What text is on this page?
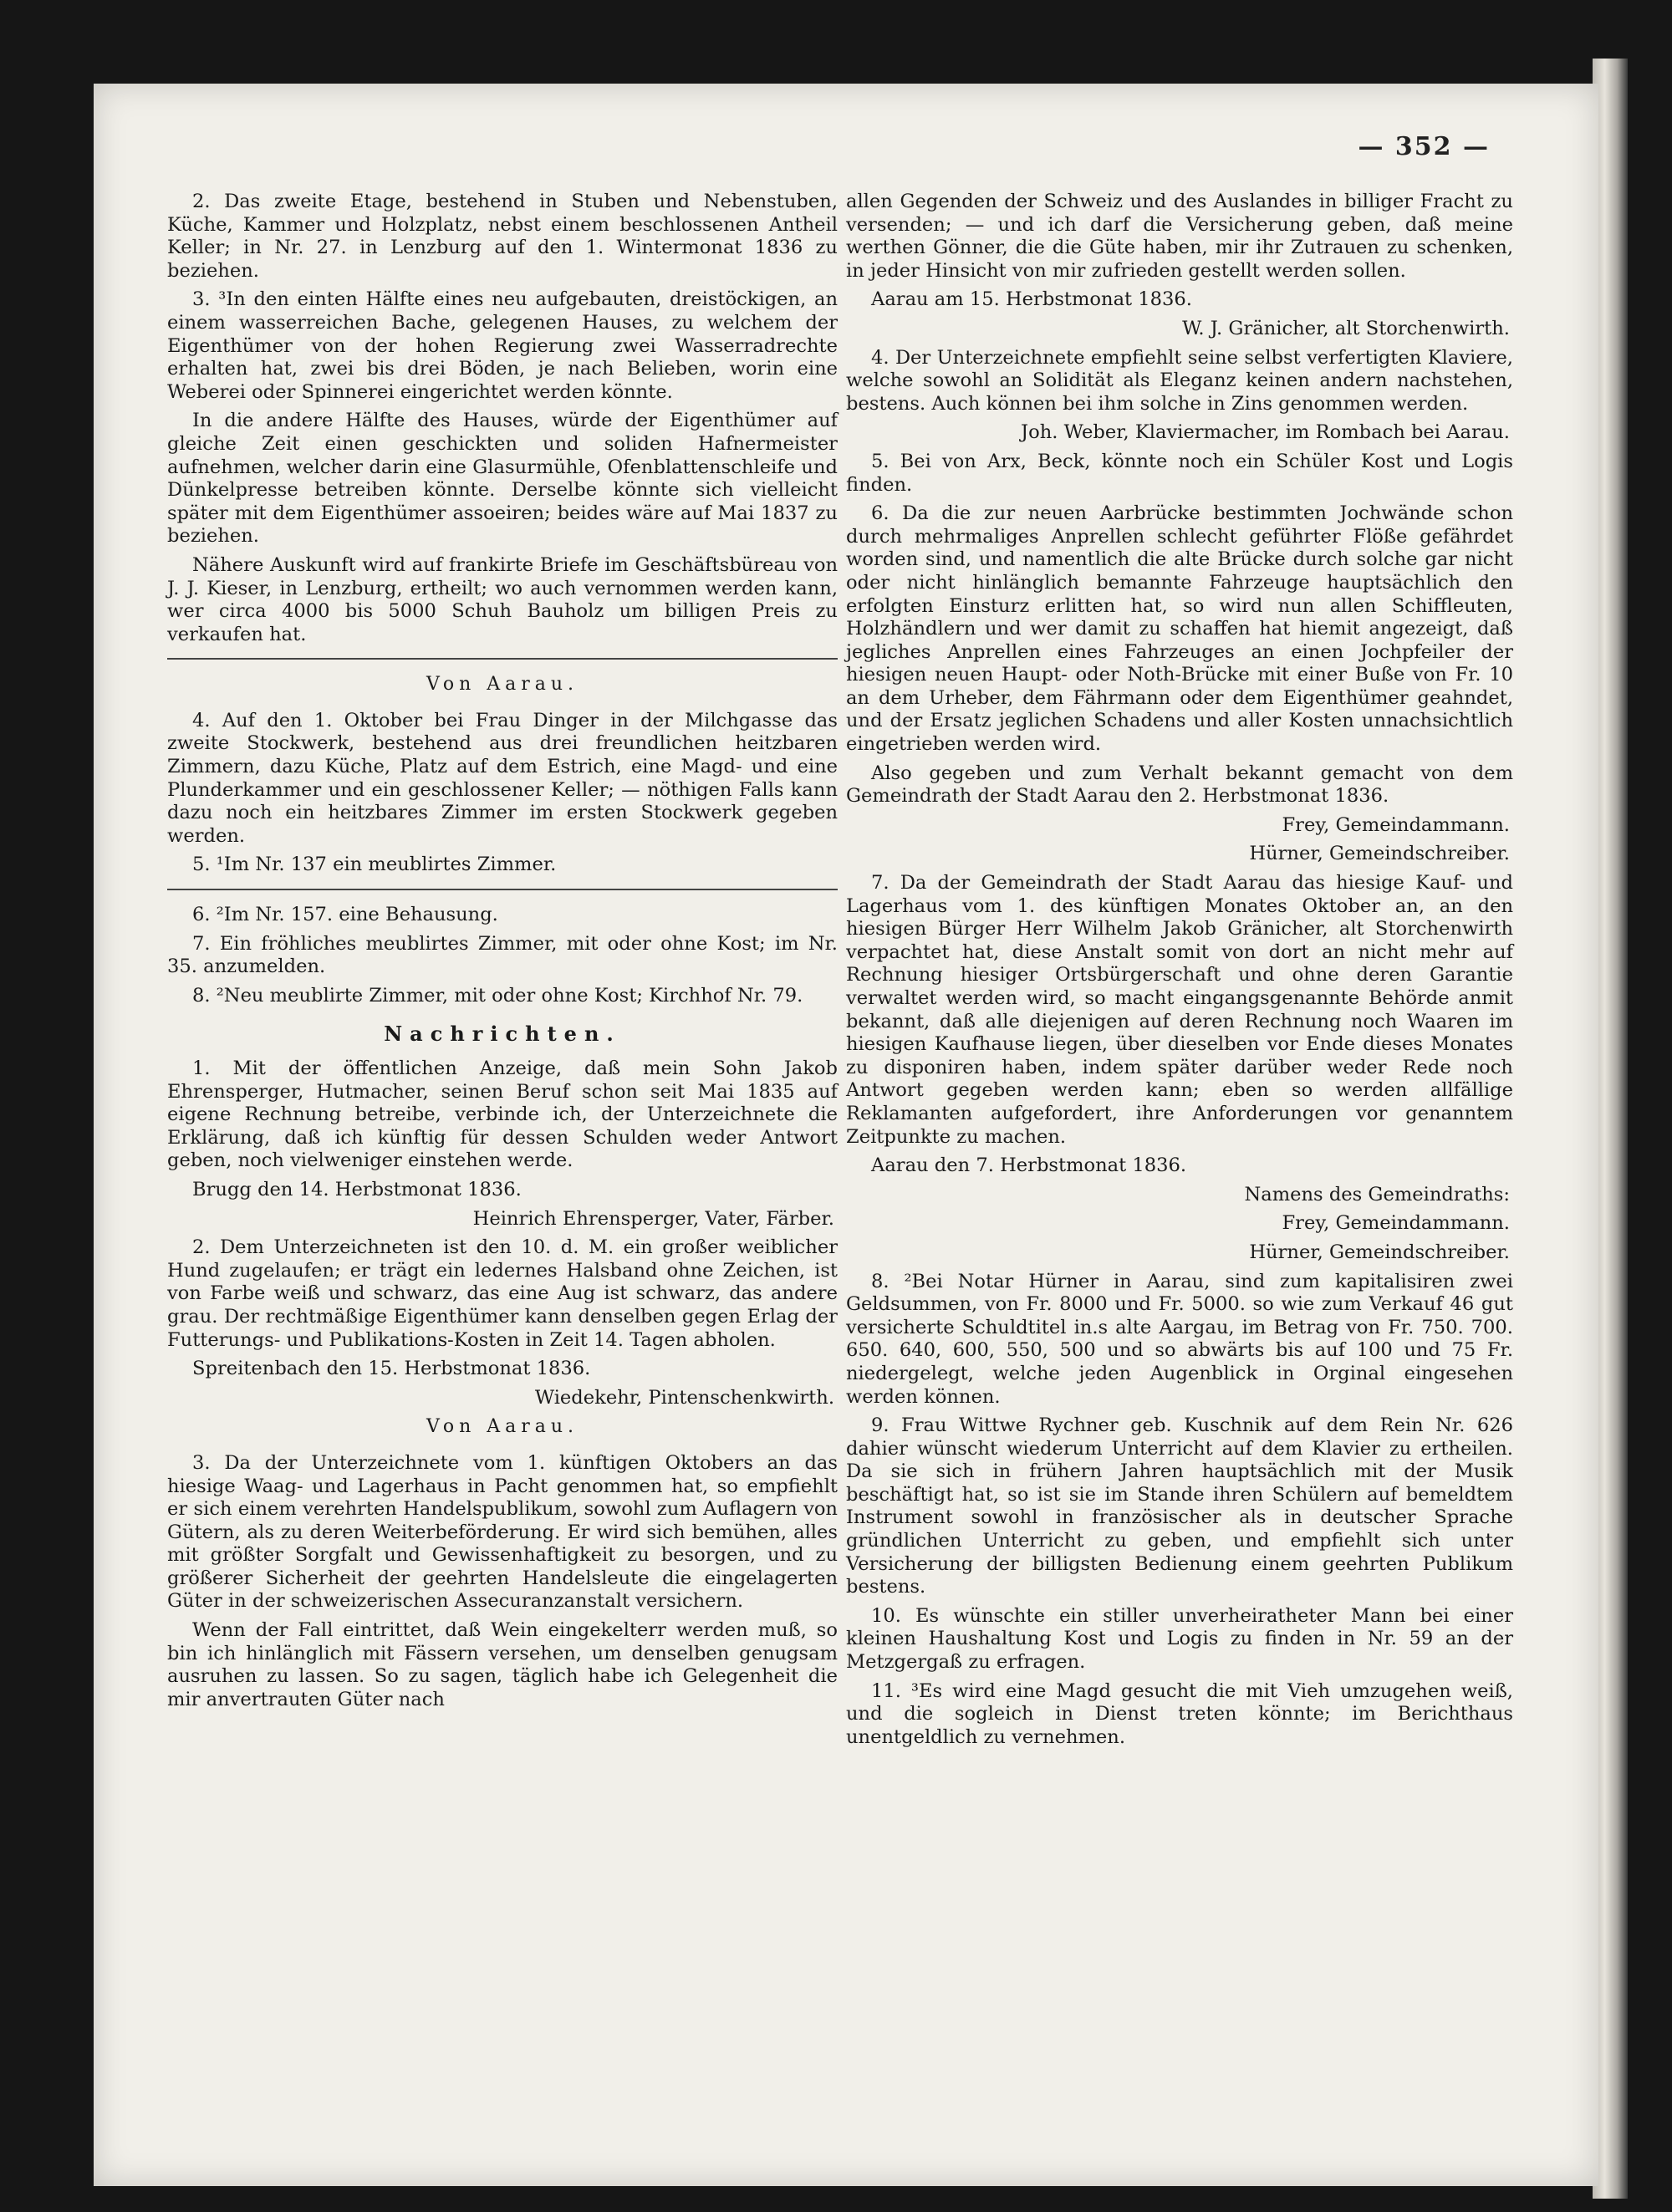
— 352 —

2. Das zweite Etage, bestehend in Stuben und Nebenstuben, Küche, Kammer und Holzplatz, nebst einem beschlossenen Antheil Keller; in Nr. 27. in Lenzburg auf den 1. Wintermonat 1836 zu beziehen.

3. ³In den einten Hälfte eines neu aufgebauten, dreistöckigen, an einem wasserreichen Bache, gelegenen Hauses, zu welchem der Eigenthümer von der hohen Regierung zwei Wasserradrechte erhalten hat, zwei bis drei Böden, je nach Belieben, worin eine Weberei oder Spinnerei eingerichtet werden könnte.

In die andere Hälfte des Hauses, würde der Eigenthümer auf gleiche Zeit einen geschickten und soliden Hafnermeister aufnehmen, welcher darin eine Glasurmühle, Ofenblattenschleife und Dünkelpresse betreiben könnte. Derselbe könnte sich vielleicht später mit dem Eigenthümer assoeiren; beides wäre auf Mai 1837 zu beziehen.

Nähere Auskunft wird auf frankirte Briefe im Geschäftsbüreau von J. J. Kieser, in Lenzburg, ertheilt; wo auch vernommen werden kann, wer circa 4000 bis 5000 Schuh Bauholz um billigen Preis zu verkaufen hat.

Von Aarau.

4. Auf den 1. Oktober bei Frau Dinger in der Milchgasse das zweite Stockwerk, bestehend aus drei freundlichen heitzbaren Zimmern, dazu Küche, Platz auf dem Estrich, eine Magd- und eine Plunderkammer und ein geschlossener Keller; — nöthigen Falls kann dazu noch ein heitzbares Zimmer im ersten Stockwerk gegeben werden.

5. ¹Im Nr. 137 ein meublirtes Zimmer.

6. ²Im Nr. 157. eine Behausung.

7. Ein fröhliches meublirtes Zimmer, mit oder ohne Kost; im Nr. 35. anzumelden.

8. ²Neu meublirte Zimmer, mit oder ohne Kost; Kirchhof Nr. 79.

Nachrichten.

1. Mit der öffentlichen Anzeige, daß mein Sohn Jakob Ehrensperger, Hutmacher, seinen Beruf schon seit Mai 1835 auf eigene Rechnung betreibe, verbinde ich, der Unterzeichnete die Erklärung, daß ich künftig für dessen Schulden weder Antwort geben, noch vielweniger einstehen werde.

Brugg den 14. Herbstmonat 1836.

Heinrich Ehrensperger, Vater, Färber.

2. Dem Unterzeichneten ist den 10. d. M. ein großer weiblicher Hund zugelaufen; er trägt ein ledernes Halsband ohne Zeichen, ist von Farbe weiß und schwarz, das eine Aug ist schwarz, das andere grau. Der rechtmäßige Eigenthümer kann denselben gegen Erlag der Futterungs- und Publikations-Kosten in Zeit 14. Tagen abholen.

Spreitenbach den 15. Herbstmonat 1836.

Wiedekehr, Pintenschenkwirth.

Von Aarau.

3. Da der Unterzeichnete vom 1. künftigen Oktobers an das hiesige Waag- und Lagerhaus in Pacht genommen hat, so empfiehlt er sich einem verehrten Handelspublikum, sowohl zum Auflagern von Gütern, als zu deren Weiterbeförderung. Er wird sich bemühen, alles mit größter Sorgfalt und Gewissenhaftigkeit zu besorgen, und zu größerer Sicherheit der geehrten Handelsleute die eingelagerten Güter in der schweizerischen Assecuranzanstalt versichern.

Wenn der Fall eintrittet, daß Wein eingekelterr werden muß, so bin ich hinlänglich mit Fässern versehen, um denselben genugsam ausruhen zu lassen. So zu sagen, täglich habe ich Gelegenheit die mir anvertrauten Güter nach

allen Gegenden der Schweiz und des Auslandes in billiger Fracht zu versenden; — und ich darf die Versicherung geben, daß meine werthen Gönner, die die Güte haben, mir ihr Zutrauen zu schenken, in jeder Hinsicht von mir zufrieden gestellt werden sollen.

Aarau am 15. Herbstmonat 1836.

W. J. Gränicher, alt Storchenwirth.

4. Der Unterzeichnete empfiehlt seine selbst verfertigten Klaviere, welche sowohl an Solidität als Eleganz keinen andern nachstehen, bestens. Auch können bei ihm solche in Zins genommen werden.

Joh. Weber, Klaviermacher, im Rombach bei Aarau.

5. Bei von Arx, Beck, könnte noch ein Schüler Kost und Logis finden.

6. Da die zur neuen Aarbrücke bestimmten Jochwände schon durch mehrmaliges Anprellen schlecht geführter Flöße gefährdet worden sind, und namentlich die alte Brücke durch solche gar nicht oder nicht hinlänglich bemannte Fahrzeuge hauptsächlich den erfolgten Einsturz erlitten hat, so wird nun allen Schiffleuten, Holzhändlern und wer damit zu schaffen hat hiemit angezeigt, daß jegliches Anprellen eines Fahrzeuges an einen Jochpfeiler der hiesigen neuen Haupt- oder Noth-Brücke mit einer Buße von Fr. 10 an dem Urheber, dem Fährmann oder dem Eigenthümer geahndet, und der Ersatz jeglichen Schadens und aller Kosten unnachsichtlich eingetrieben werden wird.

Also gegeben und zum Verhalt bekannt gemacht von dem Gemeindrath der Stadt Aarau den 2. Herbstmonat 1836.

Frey, Gemeindammann.

Hürner, Gemeindschreiber.

7. Da der Gemeindrath der Stadt Aarau das hiesige Kauf- und Lagerhaus vom 1. des künftigen Monates Oktober an, an den hiesigen Bürger Herr Wilhelm Jakob Gränicher, alt Storchenwirth verpachtet hat, diese Anstalt somit von dort an nicht mehr auf Rechnung hiesiger Ortsbürgerschaft und ohne deren Garantie verwaltet werden wird, so macht eingangsgenannte Behörde anmit bekannt, daß alle diejenigen auf deren Rechnung noch Waaren im hiesigen Kaufhause liegen, über dieselben vor Ende dieses Monates zu disponiren haben, indem später darüber weder Rede noch Antwort gegeben werden kann; eben so werden allfällige Reklamanten aufgefordert, ihre Anforderungen vor genanntem Zeitpunkte zu machen.

Aarau den 7. Herbstmonat 1836.

Namens des Gemeindraths:

Frey, Gemeindammann.

Hürner, Gemeindschreiber.

8. ²Bei Notar Hürner in Aarau, sind zum kapitalisiren zwei Geldsummen, von Fr. 8000 und Fr. 5000. so wie zum Verkauf 46 gut versicherte Schuldtitel in.s alte Aargau, im Betrag von Fr. 750. 700. 650. 640, 600, 550, 500 und so abwärts bis auf 100 und 75 Fr. niedergelegt, welche jeden Augenblick in Orginal eingesehen werden können.

9. Frau Wittwe Rychner geb. Kuschnik auf dem Rein Nr. 626 dahier wünscht wiederum Unterricht auf dem Klavier zu ertheilen. Da sie sich in frühern Jahren hauptsächlich mit der Musik beschäftigt hat, so ist sie im Stande ihren Schülern auf bemeldtem Instrument sowohl in französischer als in deutscher Sprache gründlichen Unterricht zu geben, und empfiehlt sich unter Versicherung der billigsten Bedienung einem geehrten Publikum bestens.

10. Es wünschte ein stiller unverheiratheter Mann bei einer kleinen Haushaltung Kost und Logis zu finden in Nr. 59 an der Metzgergaß zu erfragen.

11. ³Es wird eine Magd gesucht die mit Vieh umzugehen weiß, und die sogleich in Dienst treten könnte; im Berichthaus unentgeldlich zu vernehmen.
